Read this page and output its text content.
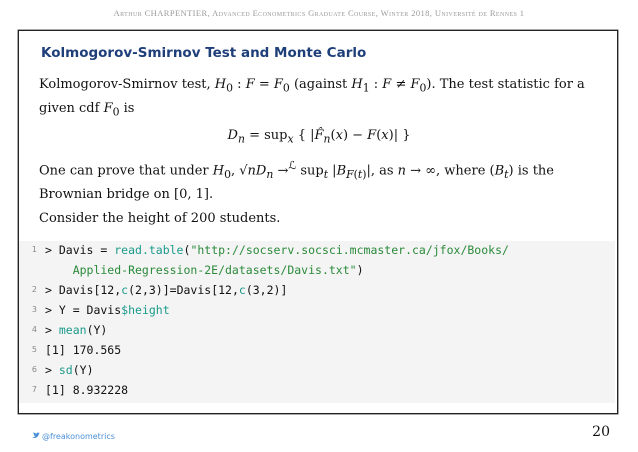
Arthur CHARPENTIER, Advanced Econometrics Graduate Course, Winter 2018, Université de Rennes 1
Kolmogorov-Smirnov Test and Monte Carlo

Kolmogorov-Smirnov test, $H_0$ : $F = F_0$ (against $H_1$ : $F \ne F_0$). The test statistic for a given cdf $F_0$ is

$D_n = sup_x$ { $|F̂_n(x) - F(x)|$ }

One can prove that under $H_0$, $√nD_n \to^ℒ$ sup$_t$ $|B_{F(t)}|$, as n → ∞, where $(B_t)$ is the Brownian bridge on [0, 1].

Consider the height of 200 students.

1

> Davis = read.table("http://socserv.socsci.mcmaster.ca/jfox/Books/

Applied-Regression-2E/datasets/Davis.txt")

2

> Davis[12,c(2,3)]=Davis[12,c(3,2)]

3

> Y = Davis$height

4

> mean(Y)

5

[1] 170.565

6

> sd(Y)

7

[1] 8.932228

@freakonometrics	20
